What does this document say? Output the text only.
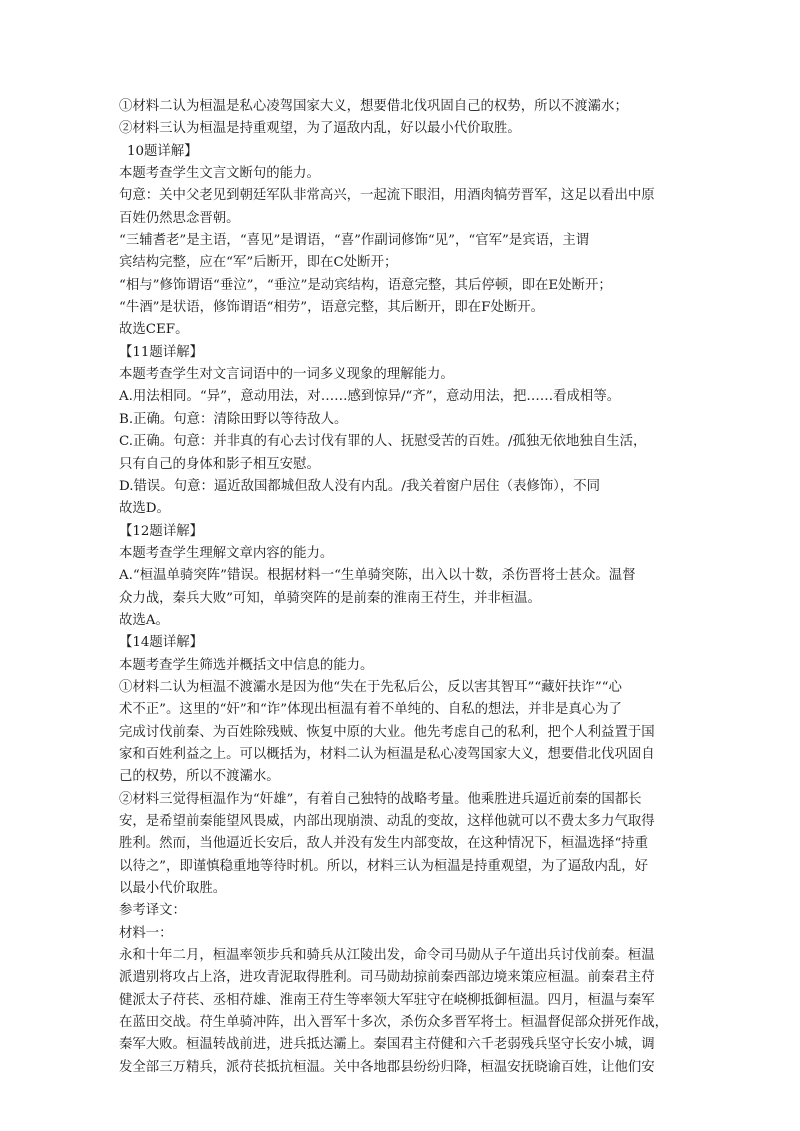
①材料二认为桓温是私心凌驾国家大义，想要借北伐巩固自己的权势，所以不渡灞水；
②材料三认为桓温是持重观望，为了逼敌内乱，好以最小代价取胜。
10题详解】
本题考查学生文言文断句的能力。
句意：关中父老见到朝廷军队非常高兴，一起流下眼泪，用酒肉犒劳晋军，这足以看出中原
百姓仍然思念晋朝。
“三辅耆老”是主语，“喜见”是谓语，“喜”作副词修饰“见”，“官军”是宾语，主谓
宾结构完整，应在“军”后断开，即在C处断开；
“相与”修饰谓语“垂泣”，“垂泣”是动宾结构，语意完整，其后停顿，即在E处断开；
“牛酒”是状语，修饰谓语“相劳”，语意完整，其后断开，即在F处断开。
故选CEF。
【11题详解】
本题考查学生对文言词语中的一词多义现象的理解能力。
A.用法相同。“异”，意动用法，对……感到惊异/“齐”，意动用法，把……看成相等。
B.正确。句意：清除田野以等待敌人。
C.正确。句意：并非真的有心去讨伐有罪的人、抚慰受苦的百姓。/孤独无依地独自生活，
只有自己的身体和影子相互安慰。
D.错误。句意：逼近敌国都城但敌人没有内乱。/我关着窗户居住（表修饰），不同
故选D。
【12题详解】
本题考查学生理解文章内容的能力。
A.“桓温单骑突阵”错误。根据材料一“生单骑突陈，出入以十数，杀伤晋将士甚众。温督
众力战，秦兵大败”可知，单骑突阵的是前秦的淮南王苻生，并非桓温。
故选A。
【14题详解】
本题考查学生筛选并概括文中信息的能力。
①材料二认为桓温不渡灞水是因为他“失在于先私后公，反以害其智耳”“藏奸扶诈”“心
术不正”。这里的“奸”和“诈”体现出桓温有着不单纯的、自私的想法，并非是真心为了
完成讨伐前秦、为百姓除残贼、恢复中原的大业。他先考虑自己的私利，把个人利益置于国
家和百姓利益之上。可以概括为，材料二认为桓温是私心凌驾国家大义，想要借北伐巩固自
己的权势，所以不渡灞水。
②材料三觉得桓温作为“奸雄”，有着自己独特的战略考量。他乘胜进兵逼近前秦的国都长
安，是希望前秦能望风畏威，内部出现崩溃、动乱的变故，这样他就可以不费太多力气取得
胜利。然而，当他逼近长安后，敌人并没有发生内部变故，在这种情况下，桓温选择“持重
以待之”，即谨慎稳重地等待时机。所以，材料三认为桓温是持重观望，为了逼敌内乱，好
以最小代价取胜。
参考译文：
材料一：
永和十年二月，桓温率领步兵和骑兵从江陵出发，命令司马勋从子午道出兵讨伐前秦。桓温
派遣别将攻占上洛，进攻青泥取得胜利。司马勋劫掠前秦西部边境来策应桓温。前秦君主苻
健派太子苻苌、丞相苻雄、淮南王苻生等率领大军驻守在峣柳抵御桓温。四月，桓温与秦军
在蓝田交战。苻生单骑冲阵，出入晋军十多次，杀伤众多晋军将士。桓温督促部众拼死作战，
秦军大败。桓温转战前进，进兵抵达灞上。秦国君主苻健和六千老弱残兵坚守长安小城，调
发全部三万精兵，派苻苌抵抗桓温。关中各地郡县纷纷归降，桓温安抚晓谕百姓，让他们安
